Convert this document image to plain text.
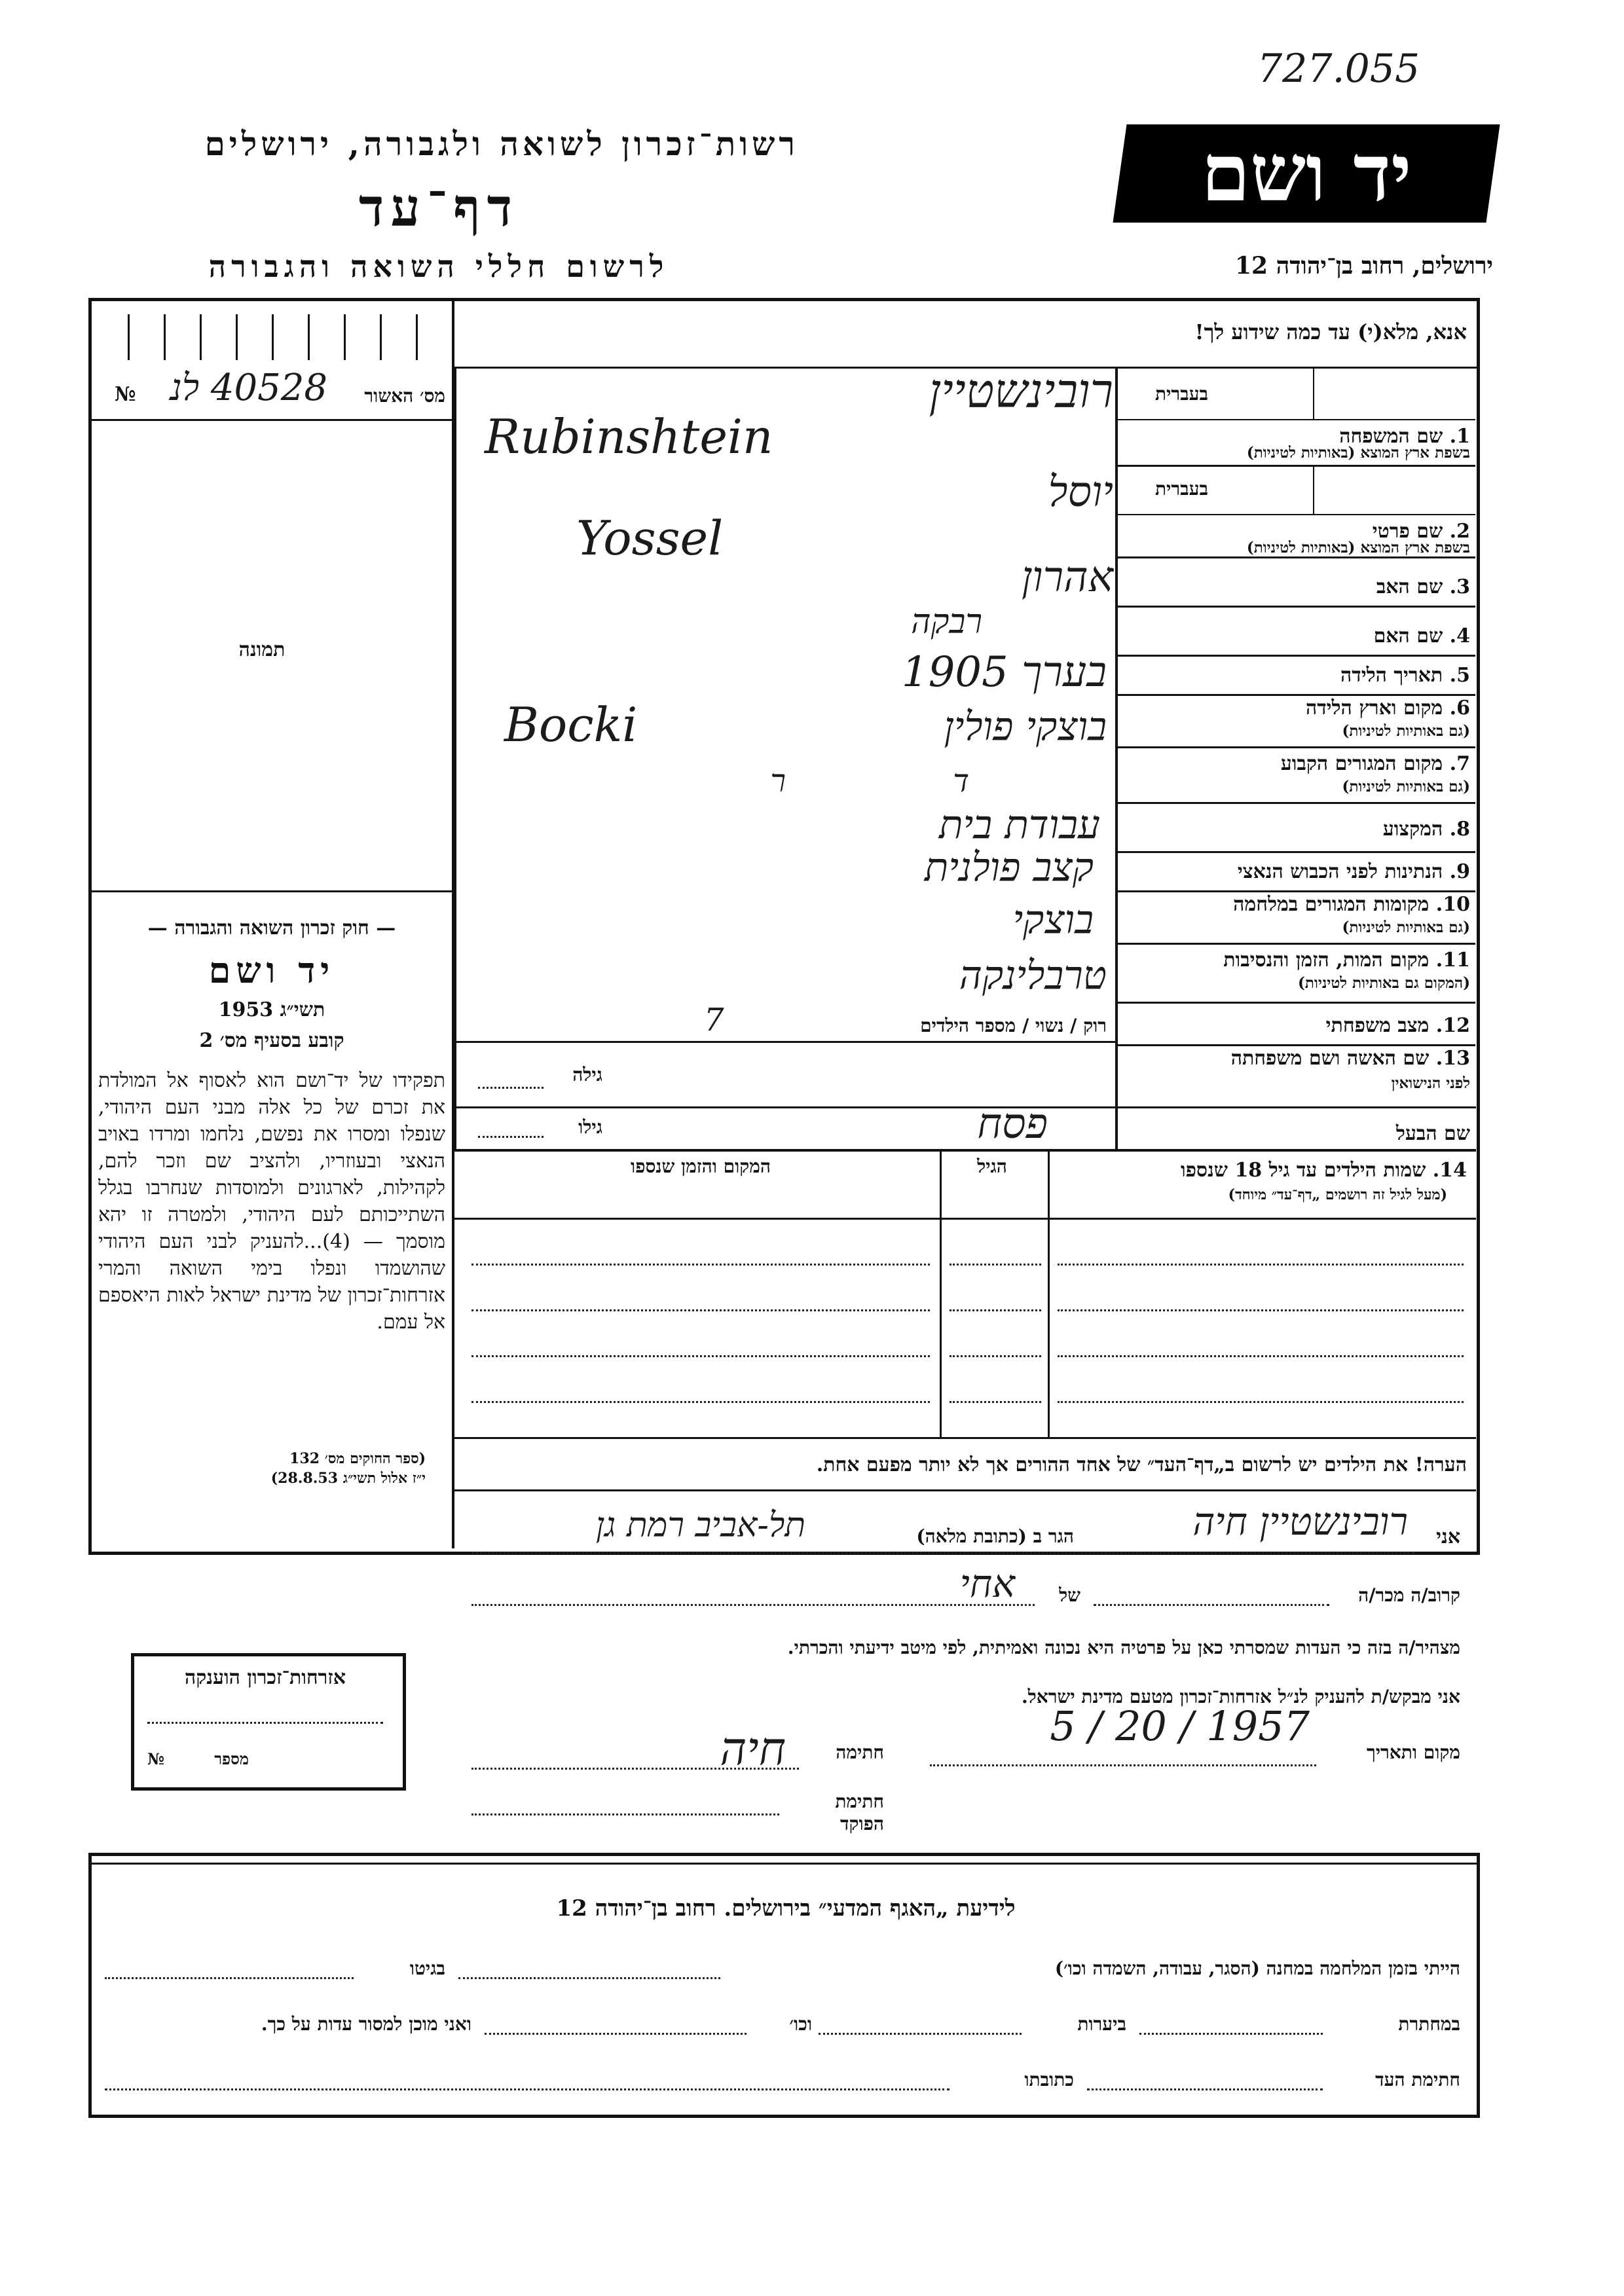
727.055
רשות־זכרון לשואה ולגבורה, ירושלים
דף־עד
לרשום חללי השואה והגבורה
יד ושם
ירושלים, רחוב בן־יהודה 12
אנא, מלא(י) עד כמה שידוע לך!
№ 40528 לנ	מס׳ האשור
תמונה
— חוק זכרון השואה והגבורה —
יד ושם
תשי״ג 1953
קובע בסעיף מס׳ 2
תפקידו של יד־ושם הוא לאסוף אל המולדת את זכרם של כל אלה מבני העם היהודי, שנפלו ומסרו את נפשם, נלחמו ומרדו באויב הנאצי ובעוזריו, ולהציב שם וזכר להם, לקהילות, לארגונים ולמוסדות שנחרבו בגלל השתייכותם לעם היהודי, ולמטרה זו יהא מוסמך — (4)...להעניק לבני העם היהודי שהושמדו ונפלו בימי השואה והמרי אזרחות־זכרון של מדינת ישראל לאות היאספם אל עמם.
(ספר החוקים מס׳ 132
י״ז אלול תשי״ג 28.8.53)
אזרחות־זכרון הוענקה
№	מספר
בעברית
בעברית
1. שם המשפחה
בשפת ארץ המוצא (באותיות לטיניות)
רובינשטיין
Rubinshtein
2. שם פרטי
בשפת ארץ המוצא (באותיות לטיניות)
יוסל
Yossel
3. שם האב
אהרון
4. שם האם
רבקה
5. תאריך הלידה
בערך 1905
6. מקום וארץ הלידה
(גם באותיות לטיניות)
בוצקי פולין
Bocki
7. מקום המגורים הקבוע
(גם באותיות לטיניות)
ד ר
8. המקצוע
עבודת בית
9. הנתינות לפני הכבוש הנאצי
קצב פולנית
10. מקומות המגורים במלחמה
(גם באותיות לטיניות)
בוצקי
11. מקום המות, הזמן והנסיבות
(המקום גם באותיות לטיניות)
טרבלינקה
12. מצב משפחתי
רוק / נשוי / מספר הילדים
7
13. שם האשה ושם משפחתה
לפני הנישואין
גילה
שם הבעל
פסח
גילו
14. שמות הילדים עד גיל 18 שנספו
(מעל לגיל זה רושמים „דף־עד״ מיוחד)
הגיל
המקום והזמן שנספו
הערה! את הילדים יש לרשום ב„דף־העד״ של אחד ההורים אך לא יותר מפעם אחת.
אני
רובינשטיין חיה
הגר ב (כתובת מלאה)
תל-אביב רמת גן
קרוב/ה מכר/ה
של
אחי
מצהיר/ה בזה כי העדות שמסרתי כאן על פרטיה היא נכונה ואמיתית, לפי מיטב ידיעתי והכרתי.
אני מבקש/ת להעניק לנ״ל אזרחות־זכרון מטעם מדינת ישראל.
מקום ותאריך
1957 / 20 / 5
חתימה
חיה
חתימת הפוקד
לידיעת „האגף המדעי״ בירושלים. רחוב בן־יהודה 12
הייתי בזמן המלחמה במחנה (הסגר, עבודה, השמדה וכו׳)
בגיטו
במחתרת
ביערות
וכו׳
ואני מוכן למסור עדות על כך.
חתימת העד
כתובתו
